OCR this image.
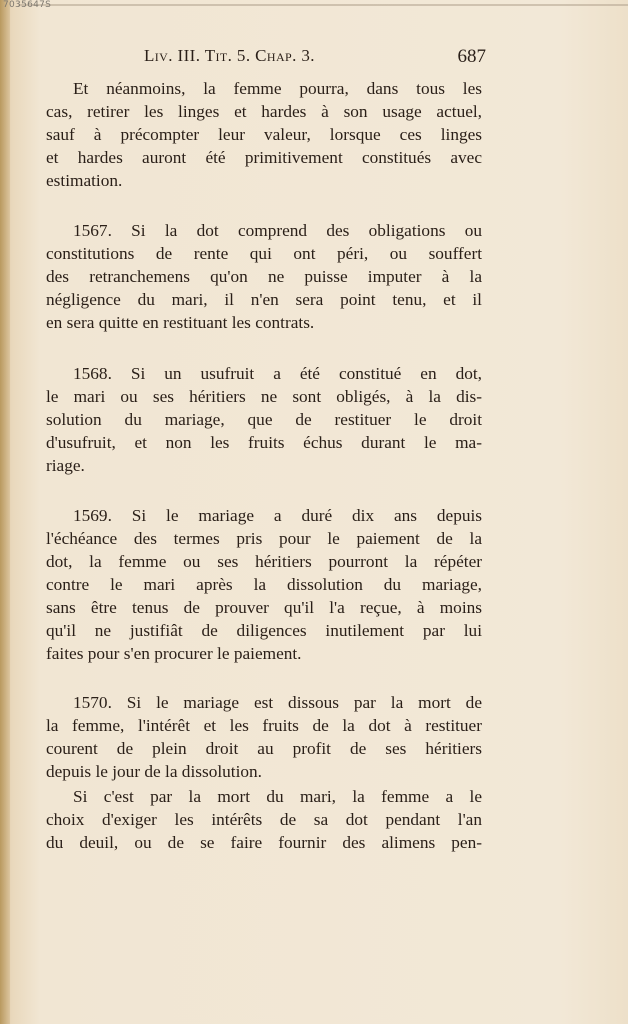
7035647S
Liv. III. Tit. 5. Chap. 3.	687
Et néanmoins, la femme pourra, dans tous les
cas, retirer les linges et hardes à son usage actuel,
sauf à précompter leur valeur, lorsque ces linges
et hardes auront été primitivement constitués avec
estimation.
1567. Si la dot comprend des obligations ou
constitutions de rente qui ont péri, ou souffert
des retranchemens qu'on ne puisse imputer à la
négligence du mari, il n'en sera point tenu, et il
en sera quitte en restituant les contrats.
1568. Si un usufruit a été constitué en dot,
le mari ou ses héritiers ne sont obligés, à la dis-
solution du mariage, que de restituer le droit
d'usufruit, et non les fruits échus durant le ma-
riage.
1569. Si le mariage a duré dix ans depuis
l'échéance des termes pris pour le paiement de la
dot, la femme ou ses héritiers pourront la répéter
contre le mari après la dissolution du mariage,
sans être tenus de prouver qu'il l'a reçue, à moins
qu'il ne justifiât de diligences inutilement par lui
faites pour s'en procurer le paiement.
1570. Si le mariage est dissous par la mort de
la femme, l'intérêt et les fruits de la dot à restituer
courent de plein droit au profit de ses héritiers
depuis le jour de la dissolution.
Si c'est par la mort du mari, la femme a le
choix d'exiger les intérêts de sa dot pendant l'an
du deuil, ou de se faire fournir des alimens pen-
